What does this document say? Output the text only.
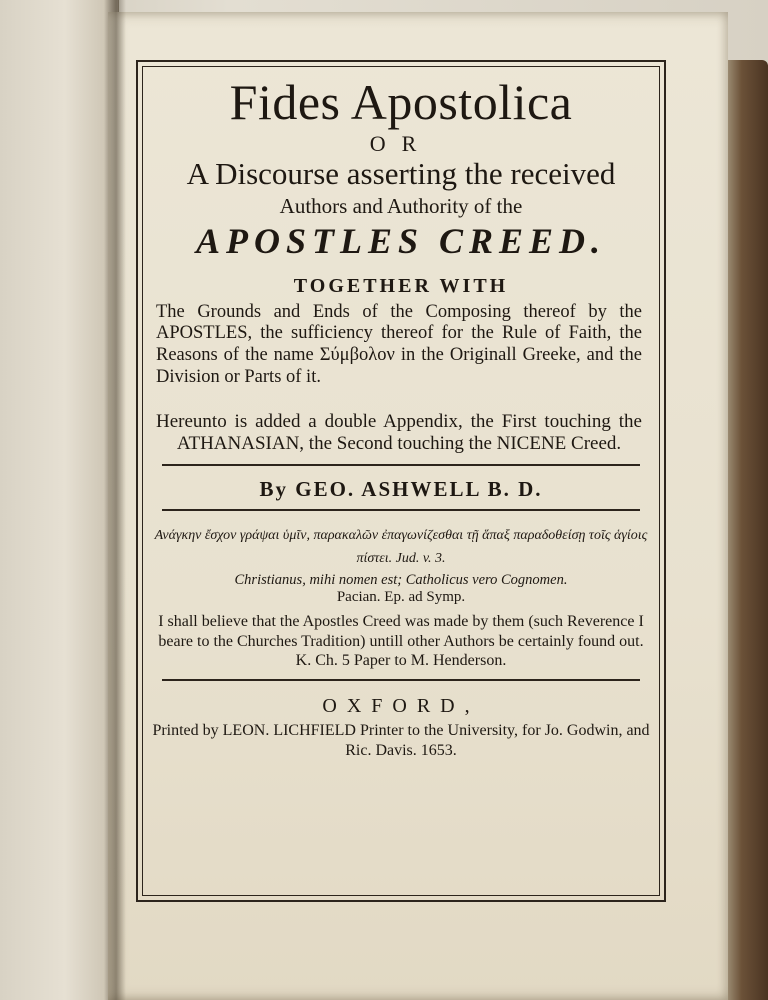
Fides Apostolica

OR

A Discourse asserting the received

Authors and Authority of the

APOSTLES CREED.

TOGETHER WITH

The Grounds and Ends of the Composing thereof by the APOSTLES, the sufficiency thereof for the Rule of Faith, the Reasons of the name Σύμβολον in the Originall Greeke, and the Division or Parts of it.

Hereunto is added a double Appendix, the First touching the ATHANASIAN, the Second touching the NICENE Creed.

By GEO. ASHWELL B. D.

Ανάγκην ἔσχον γράψαι ὑμῖν, παρακαλῶν ἐπαγωνίζεσθαι τῇ ἅπαξ παραδοθείσῃ τοῖς ἁγίοις πίστει. Jud. v. 3.

Christianus, mihi nomen est; Catholicus vero Cognomen.

Pacian. Ep. ad Symp.

I shall believe that the Apostles Creed was made by them (such Reverence I beare to the Churches Tradition) untill other Authors be certainly found out. K. Ch. 5 Paper to M. Henderson.

OXFORD,

Printed by LEON. LICHFIELD Printer to the University, for Jo. Godwin, and Ric. Davis. 1653.
